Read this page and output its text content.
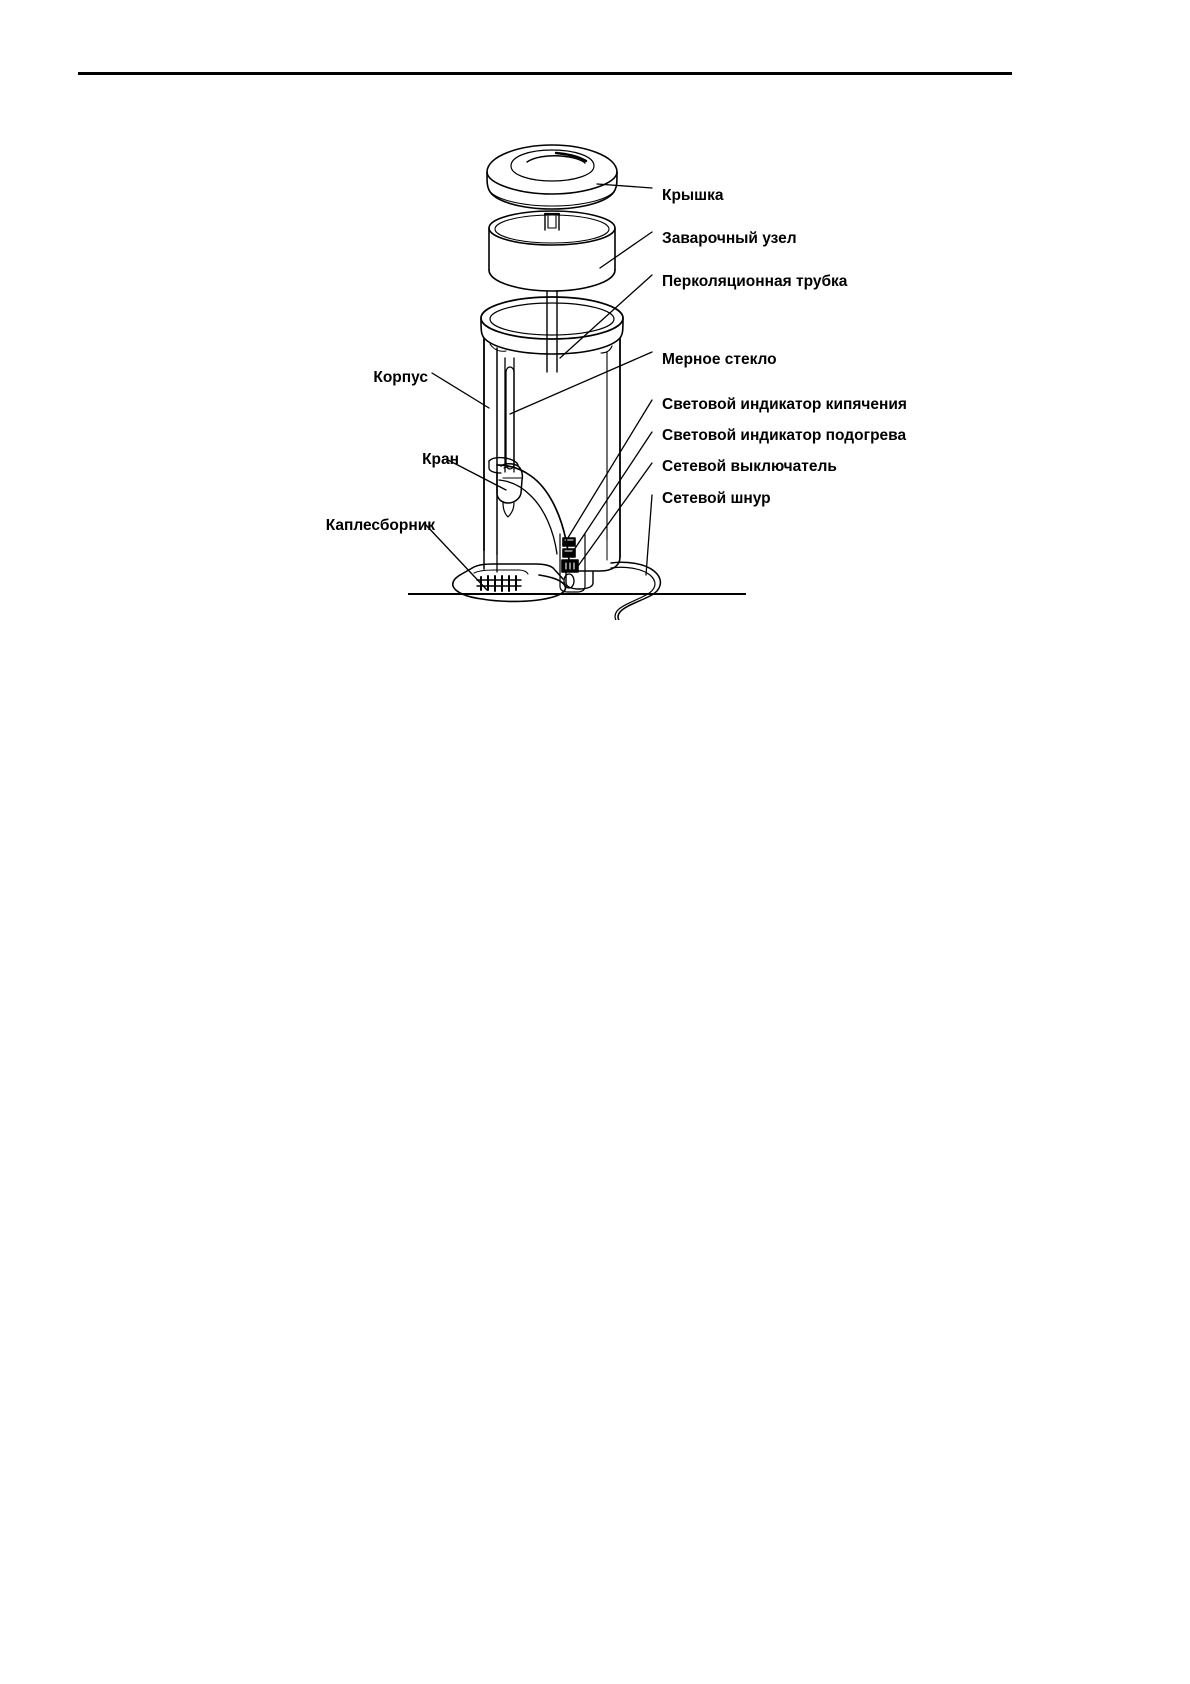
Крышка
Заварочный узел
Перколяционная трубка
Мерное стекло
Световой индикатор кипячения
Световой индикатор подогрева
Сетевой выключатель
Сетевой шнур
Корпус
Кран
Каплесборник
